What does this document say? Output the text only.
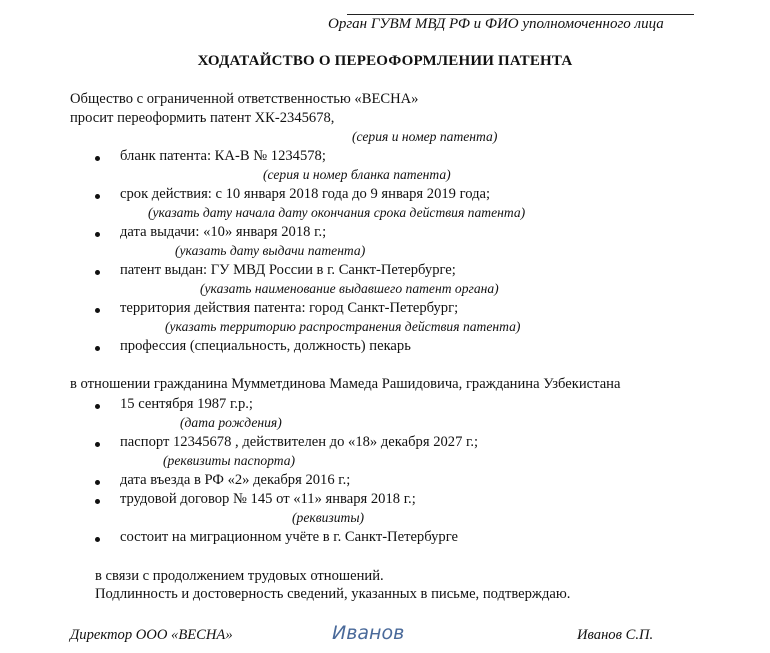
Орган ГУВМ МВД РФ и ФИО уполномоченного лица
ХОДАТАЙСТВО О ПЕРЕОФОРМЛЕНИИ ПАТЕНТА
Общество с ограниченной ответственностью «ВЕСНА»
просит переоформить патент ХК-2345678,
(серия и номер патента)
бланк патента: КА-В № 1234578;
(серия и номер бланка патента)
срок действия: с 10 января 2018 года до 9 января 2019 года;
(указать дату начала дату окончания срока действия патента)
дата выдачи: «10» января 2018 г.;
(указать дату выдачи патента)
патент выдан: ГУ МВД России в г. Санкт-Петербурге;
(указать наименование выдавшего патент органа)
территория действия патента: город Санкт-Петербург;
(указать территорию распространения действия патента)
профессия (специальность, должность) пекарь
в отношении гражданина Мумметдинова Мамеда Рашидовича, гражданина Узбекистана
15 сентября 1987 г.р.;
(дата рождения)
паспорт 12345678 , действителен до «18» декабря 2027 г.;
(реквизиты паспорта)
дата въезда в РФ «2» декабря 2016 г.;
трудовой договор № 145 от «11» января 2018 г.;
(реквизиты)
состоит на миграционном учёте в г. Санкт-Петербурге
в связи с продолжением трудовых отношений.
Подлинность и достоверность сведений, указанных в письме, подтверждаю.
Директор ООО «ВЕСНА»	Иванов	Иванов С.П.
